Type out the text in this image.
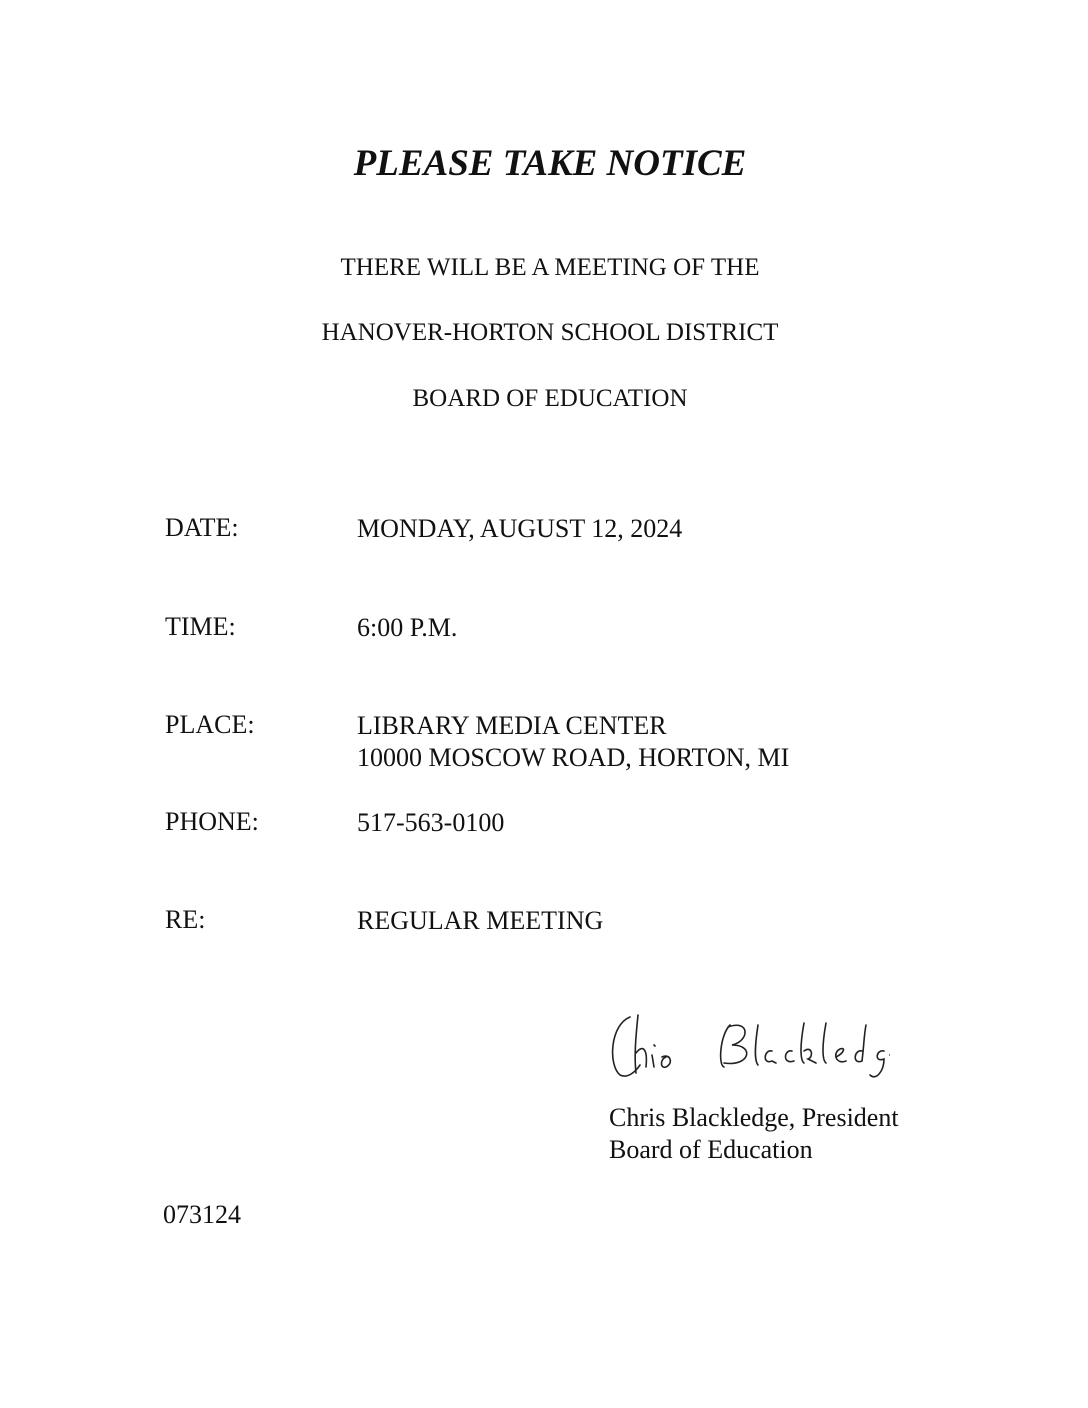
PLEASE TAKE NOTICE
THERE WILL BE A MEETING OF THE
HANOVER-HORTON SCHOOL DISTRICT
BOARD OF EDUCATION
DATE:	MONDAY, AUGUST 12, 2024
TIME:	6:00 P.M.
PLACE:	LIBRARY MEDIA CENTER
10000 MOSCOW ROAD, HORTON, MI
PHONE:	517-563-0100
RE:	REGULAR MEETING
Chris Blackledge, President
Board of Education
073124
